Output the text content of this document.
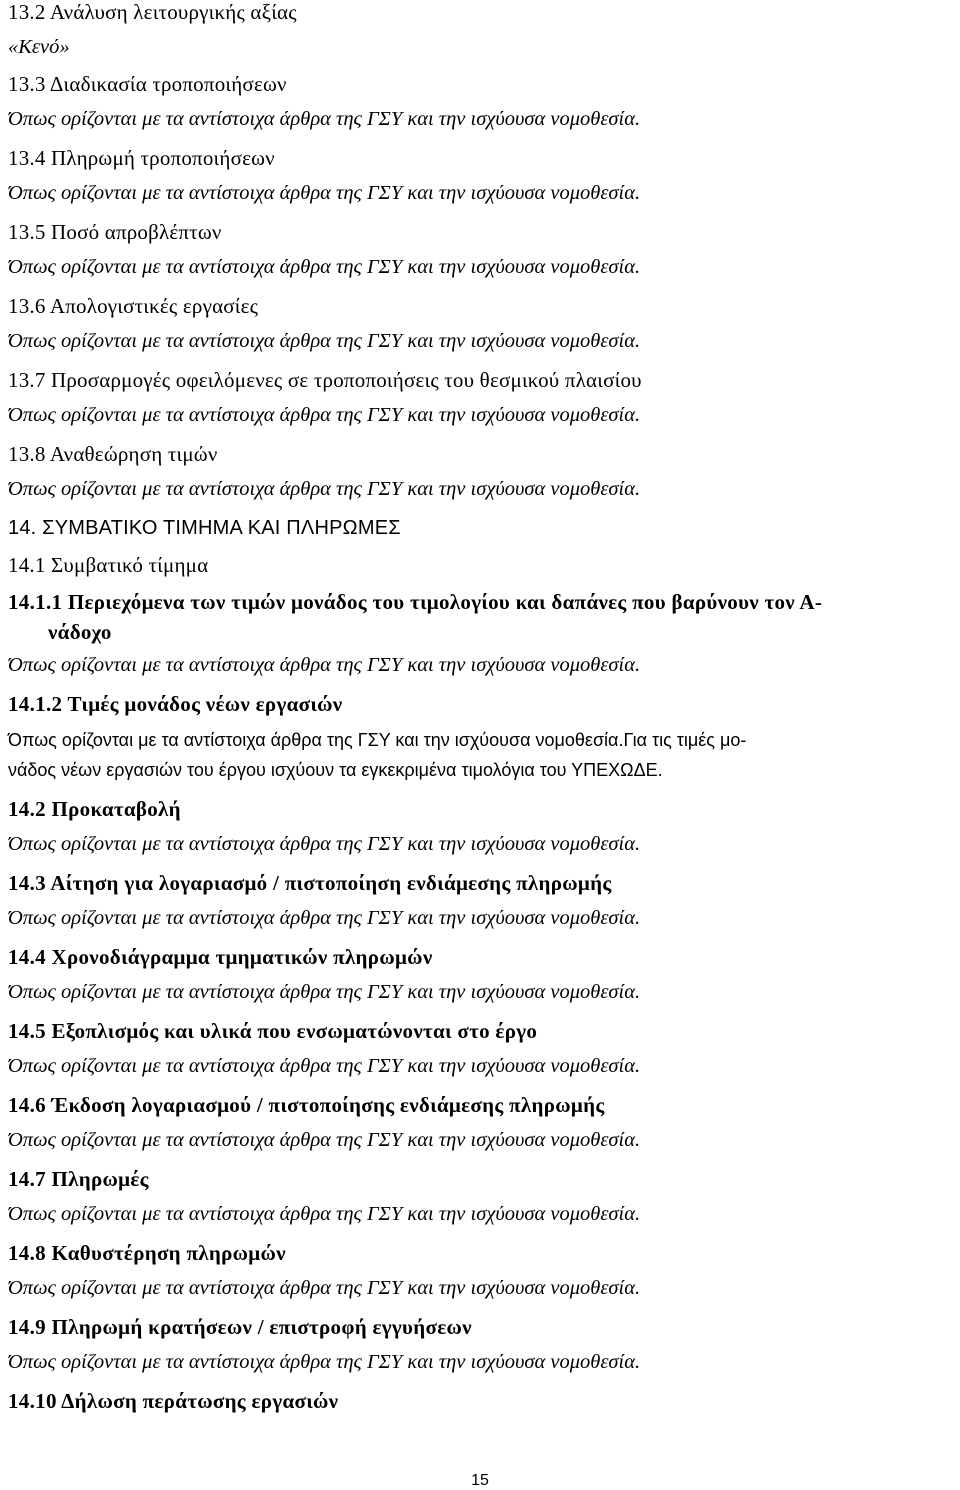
13.2 Ανάλυση λειτουργικής αξίας

«Κενό»

13.3 Διαδικασία τροποποιήσεων

Όπως ορίζονται με τα αντίστοιχα άρθρα της ΓΣΥ και την ισχύουσα νομοθεσία.

13.4 Πληρωμή τροποποιήσεων

Όπως ορίζονται με τα αντίστοιχα άρθρα της ΓΣΥ και την ισχύουσα νομοθεσία.

13.5 Ποσό απροβλέπτων

Όπως ορίζονται με τα αντίστοιχα άρθρα της ΓΣΥ και την ισχύουσα νομοθεσία.

13.6 Απολογιστικές εργασίες

Όπως ορίζονται με τα αντίστοιχα άρθρα της ΓΣΥ και την ισχύουσα νομοθεσία.

13.7 Προσαρμογές οφειλόμενες σε τροποποιήσεις του θεσμικού πλαισίου

Όπως ορίζονται με τα αντίστοιχα άρθρα της ΓΣΥ και την ισχύουσα νομοθεσία.

13.8 Αναθεώρηση τιμών

Όπως ορίζονται με τα αντίστοιχα άρθρα της ΓΣΥ και την ισχύουσα νομοθεσία.

14. ΣΥΜΒΑΤΙΚΟ ΤΙΜΗΜΑ ΚΑΙ ΠΛΗΡΩΜΕΣ

14.1 Συμβατικό τίμημα

14.1.1 Περιεχόμενα των τιμών μονάδος του τιμολογίου και δαπάνες που βαρύνουν τον Α-

νάδοχο

Όπως ορίζονται με τα αντίστοιχα άρθρα της ΓΣΥ και την ισχύουσα νομοθεσία.

14.1.2 Τιμές μονάδος νέων εργασιών

Όπως ορίζονται με τα αντίστοιχα άρθρα της ΓΣΥ και την ισχύουσα νομοθεσία.Για τις τιμές μο-

νάδος νέων εργασιών του έργου ισχύουν τα εγκεκριμένα τιμολόγια του ΥΠΕΧΩΔΕ.

14.2 Προκαταβολή

Όπως ορίζονται με τα αντίστοιχα άρθρα της ΓΣΥ και την ισχύουσα νομοθεσία.

14.3 Αίτηση για λογαριασμό / πιστοποίηση ενδιάμεσης πληρωμής

Όπως ορίζονται με τα αντίστοιχα άρθρα της ΓΣΥ και την ισχύουσα νομοθεσία.

14.4 Χρονοδιάγραμμα τμηματικών πληρωμών

Όπως ορίζονται με τα αντίστοιχα άρθρα της ΓΣΥ και την ισχύουσα νομοθεσία.

14.5 Εξοπλισμός και υλικά που ενσωματώνονται στο έργο

Όπως ορίζονται με τα αντίστοιχα άρθρα της ΓΣΥ και την ισχύουσα νομοθεσία.

14.6 Έκδοση λογαριασμού / πιστοποίησης ενδιάμεσης πληρωμής

Όπως ορίζονται με τα αντίστοιχα άρθρα της ΓΣΥ και την ισχύουσα νομοθεσία.

14.7 Πληρωμές

Όπως ορίζονται με τα αντίστοιχα άρθρα της ΓΣΥ και την ισχύουσα νομοθεσία.

14.8 Καθυστέρηση πληρωμών

Όπως ορίζονται με τα αντίστοιχα άρθρα της ΓΣΥ και την ισχύουσα νομοθεσία.

14.9 Πληρωμή κρατήσεων / επιστροφή εγγυήσεων

Όπως ορίζονται με τα αντίστοιχα άρθρα της ΓΣΥ και την ισχύουσα νομοθεσία.

14.10 Δήλωση περάτωσης εργασιών

15
